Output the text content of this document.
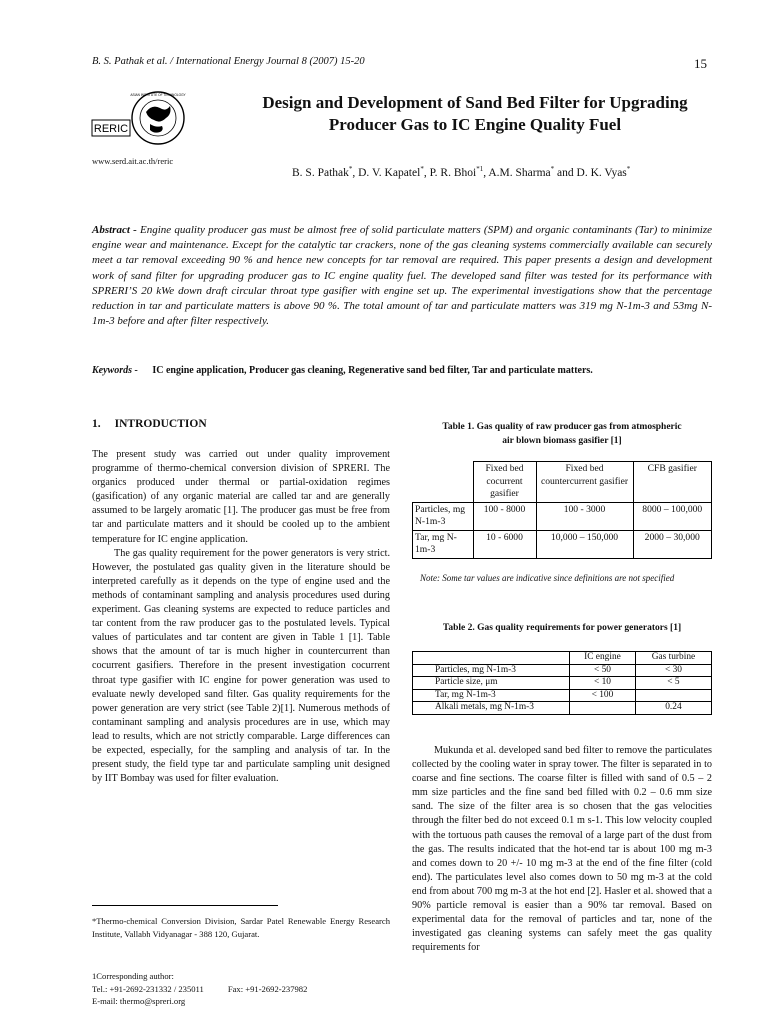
B. S. Pathak et al. / International Energy Journal 8 (2007) 15-20	15
RERIC
ASIAN INSTITUTE OF TECHNOLOGY
www.serd.ait.ac.th/reric
Design and Development of Sand Bed Filter for Upgrading
Producer Gas to IC Engine Quality Fuel
B. S. Pathak*, D. V. Kapatel*, P. R. Bhoi$^{*1}$, A.M. Sharma* and D. K. Vyas*
Abstract - Engine quality producer gas must be almost free of solid particulate matters (SPM) and organic contaminants (Tar) to minimize engine wear and maintenance. Except for the catalytic tar crackers, none of the gas cleaning systems commercially available can securely meet a tar removal exceeding 90 % and hence new concepts for tar removal are required. This paper presents a design and development work of sand filter for upgrading producer gas to IC engine quality fuel. The developed sand filter was tested for its performance with SPRERI’S 20 kWe down draft circular throat type gasifier with engine set up. The experimental investigations show that the percentage reduction in tar and particulate matters is above 90 %. The total amount of tar and particulate matters was 319 mg N-1m-3 and 53mg N-1m-3 before and after filter respectively.
Keywords - IC engine application, Producer gas cleaning, Regenerative sand bed filter, Tar and particulate matters.
1. INTRODUCTION

The present study was carried out under quality improvement programme of thermo-chemical conversion division of SPRERI. The organics produced under thermal or partial-oxidation regimes (gasification) of any organic material are called tar and are generally assumed to be largely aromatic [1]. The producer gas must be free from tar and particulate matters and it should be cooled up to the ambient temperature for IC engine application.

The gas quality requirement for the power generators is very strict. However, the postulated gas quality given in the literature should be interpreted carefully as it depends on the type of engine used and the methods of contaminant sampling and analysis procedures used during experiment. Gas cleaning systems are expected to reduce particles and tar content from the raw producer gas to the postulated levels. Typical values of particulates and tar content are given in Table 1 [1]. Table shows that the amount of tar is much higher in countercurrent than cocurrent gasifiers. Therefore in the present investigation cocurrent throat type gasifier with IC engine for power generation was used to evaluate newly developed sand filter. Gas quality requirements for the power generation are very strict (see Table 2)[1]. Numerous methods of contaminant sampling and analysis procedures are in use, which may lead to results, which are not strictly comparable. Large differences can be expected, especially, for the sampling and analysis of tar. In the present study, the field type tar and particulate sampling unit designed by IIT Bombay was used for filter evaluation.

*Thermo-chemical Conversion Division, Sardar Patel Renewable Energy Research Institute, Vallabh Vidyanagar - 388 120, Gujarat.
1Corresponding author:
Tel.: +91-2692-231332 / 235011	Fax: +91-2692-237982
E-mail: thermo@spreri.org
Table 1. Gas quality of raw producer gas from atmospheric
air blown biomass gasifier [1]
	Fixed bed cocurrent gasifier	Fixed bed countercurrent gasifier	CFB gasifier
Particles, mg N-1m-3	100 - 8000	100 - 3000	8000 – 100,000
Tar, mg N-1m-3	10 - 6000	10,000 – 150,000	2000 – 30,000
Note: Some tar values are indicative since definitions are not specified
Table 2. Gas quality requirements for power generators [1]
	IC engine	Gas turbine
Particles, mg N-1m-3	< 50	< 30
Particle size, μm	< 10	< 5
Tar, mg N-1m-3	< 100	
Alkali metals, mg N-1m-3		0.24

Mukunda et al. developed sand bed filter to remove the particulates collected by the cooling water in spray tower. The filter is separated in to coarse and fine sections. The coarse filter is filled with sand of 0.5 – 2 mm size particles and the fine sand bed filled with 0.2 – 0.6 mm size sand. The size of the filter area is so chosen that the gas velocities through the filter bed do not exceed 0.1 m s-1. This low velocity coupled with the tortuous path causes the removal of a large part of the dust from the gas. The results indicated that the hot-end tar is about 100 mg m-3 and comes down to 20 +/- 10 mg m-3 at the end of the fine filter (cold end). The particulates level also comes down to 50 mg m-3 at the cold end from about 700 mg m-3 at the hot end [2]. Hasler et al. showed that a 90% particle removal is easier than a 90% tar removal. Based on experimental data for the removal of particles and tar, none of the investigated gas cleaning systems can safely meet the gas quality requirements for
